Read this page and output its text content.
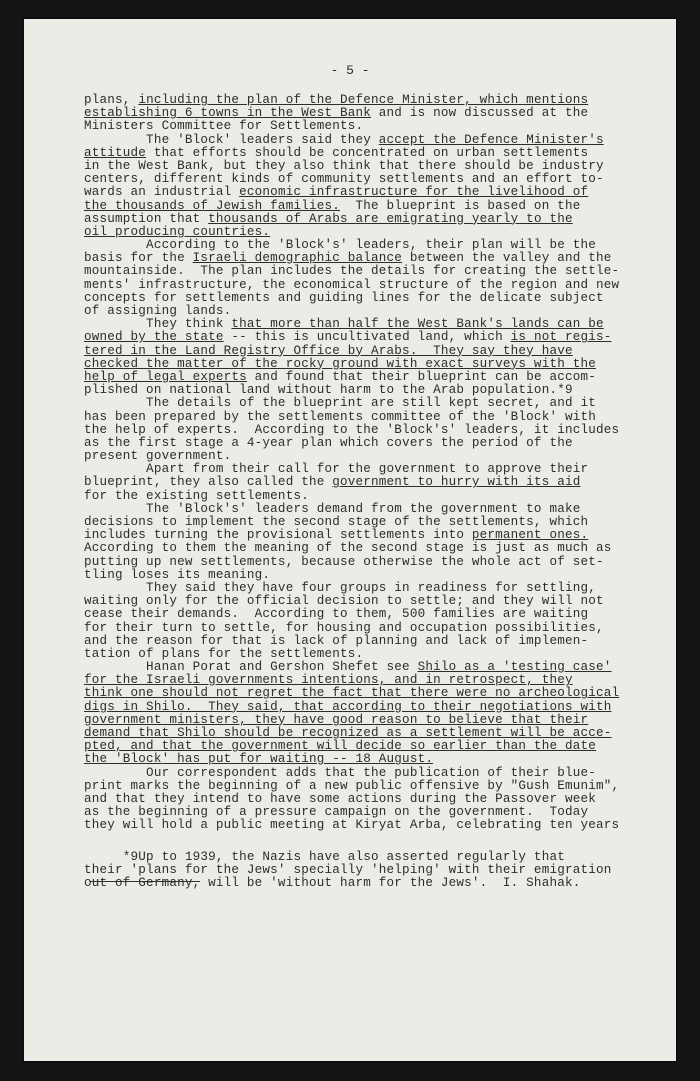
- 5 -
plans, including the plan of the Defence Minister, which mentions
establishing 6 towns in the West Bank and is now discussed at the
Ministers Committee for Settlements.
The 'Block' leaders said they accept the Defence Minister's
attitude that efforts should be concentrated on urban settlements
in the West Bank, but they also think that there should be industry
centers, different kinds of community settlements and an effort to-
wards an industrial economic infrastructure for the livelihood of
the thousands of Jewish families.  The blueprint is based on the
assumption that thousands of Arabs are emigrating yearly to the
oil producing countries.
According to the 'Block's' leaders, their plan will be the
basis for the Israeli demographic balance between the valley and the
mountainside.  The plan includes the details for creating the settle-
ments' infrastructure, the economical structure of the region and new
concepts for settlements and guiding lines for the delicate subject
of assigning lands.
They think that more than half the West Bank's lands can be
owned by the state -- this is uncultivated land, which is not regis-
tered in the Land Registry Office by Arabs.  They say they have
checked the matter of the rocky ground with exact surveys with the
help of legal experts and found that their blueprint can be accom-
plished on national land without harm to the Arab population.*9
The details of the blueprint are still kept secret, and it
has been prepared by the settlements committee of the 'Block' with
the help of experts.  According to the 'Block's' leaders, it includes
as the first stage a 4-year plan which covers the period of the
present government.
Apart from their call for the government to approve their
blueprint, they also called the government to hurry with its aid
for the existing settlements.
The 'Block's' leaders demand from the government to make
decisions to implement the second stage of the settlements, which
includes turning the provisional settlements into permanent ones.
According to them the meaning of the second stage is just as much as
putting up new settlements, because otherwise the whole act of set-
tling loses its meaning.
They said they have four groups in readiness for settling,
waiting only for the official decision to settle; and they will not
cease their demands.  According to them, 500 families are waiting
for their turn to settle, for housing and occupation possibilities,
and the reason for that is lack of planning and lack of implemen-
tation of plans for the settlements.
Hanan Porat and Gershon Shefet see Shilo as a 'testing case'
for the Israeli governments intentions, and in retrospect, they
think one should not regret the fact that there were no archeological
digs in Shilo.  They said, that according to their negotiations with
government ministers, they have good reason to believe that their
demand that Shilo should be recognized as a settlement will be acce-
pted, and that the government will decide so earlier than the date
the 'Block' has put for waiting -- 18 August.
Our correspondent adds that the publication of their blue-
print marks the beginning of a new public offensive by "Gush Emunim",
and that they intend to have some actions during the Passover week
as the beginning of a pressure campaign on the government.  Today
they will hold a public meeting at Kiryat Arba, celebrating ten years
*9Up to 1939, the Nazis have also asserted regularly that
their 'plans for the Jews' specially 'helping' with their emigration
out of Germany, will be 'without harm for the Jews'.  I. Shahak.
